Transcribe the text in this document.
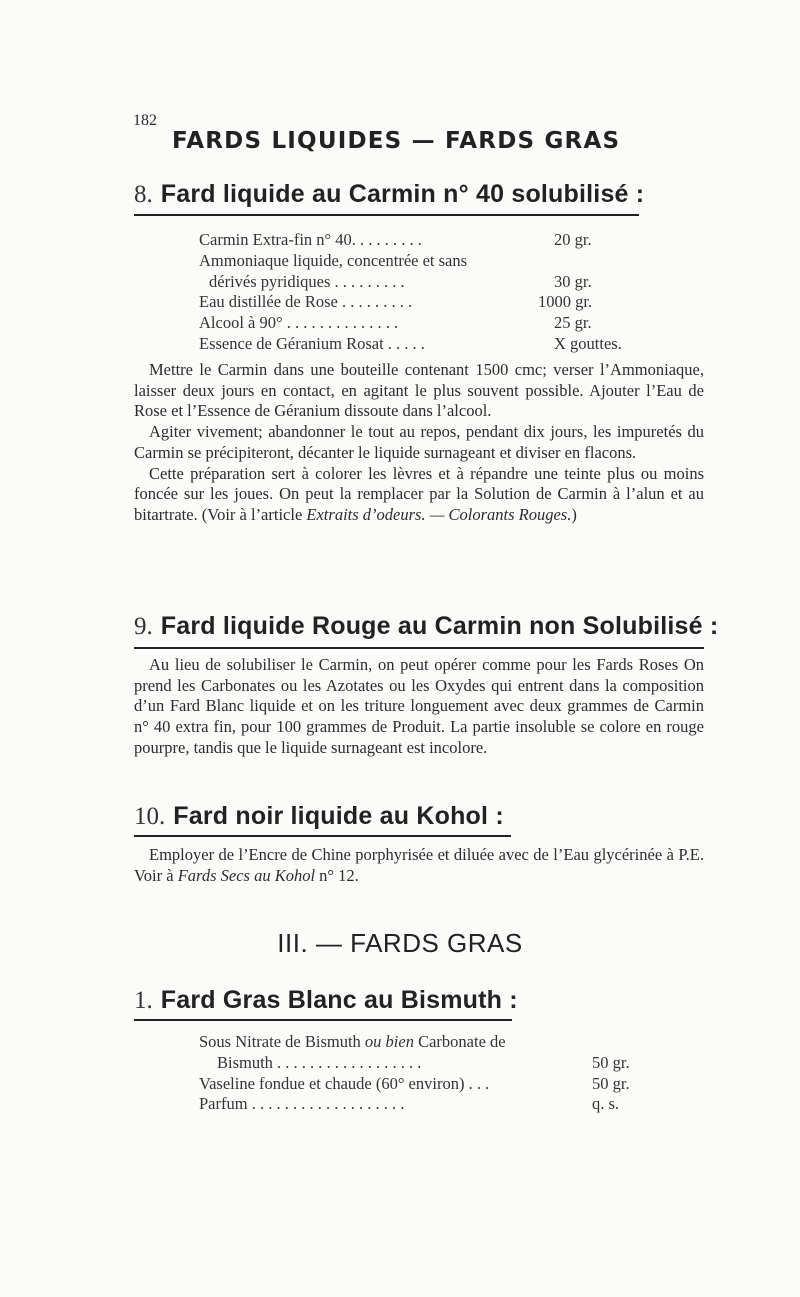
182
FARDS LIQUIDES — FARDS GRAS
8. Fard liquide au Carmin n° 40 solubilisé :
Carmin Extra-fin n° 40. . . . . . . . .	20 gr.
Ammoniaque liquide, concentrée et sans
dérivés pyridiques . . . . . . . . .	30 gr.
Eau distillée de Rose . . . . . . . . .	1000 gr.
Alcool à 90° . . . . . . . . . . . . . .	25 gr.
Essence de Géranium Rosat . . . . .	X gouttes.

Mettre le Carmin dans une bouteille contenant 1500 cmc; verser l’Ammoniaque, laisser deux jours en contact, en agitant le plus souvent possible. Ajouter l’Eau de Rose et l’Essence de Géranium dissoute dans l’alcool.

Agiter vivement; abandonner le tout au repos, pendant dix jours, les impuretés du Carmin se précipiteront, décanter le liquide surnageant et diviser en flacons.

Cette préparation sert à colorer les lèvres et à répandre une teinte plus ou moins foncée sur les joues. On peut la remplacer par la Solution de Carmin à l’alun et au bitartrate. (Voir à l’article Extraits d’odeurs. — Colorants Rouges.)

9. Fard liquide Rouge au Carmin non Solubilisé :

Au lieu de solubiliser le Carmin, on peut opérer comme pour les Fards Roses On prend les Carbonates ou les Azotates ou les Oxydes qui entrent dans la composition d’un Fard Blanc liquide et on les triture longuement avec deux grammes de Carmin n° 40 extra fin, pour 100 grammes de Produit. La partie insoluble se colore en rouge pourpre, tandis que le liquide surnageant est incolore.

10. Fard noir liquide au Kohol :

Employer de l’Encre de Chine porphyrisée et diluée avec de l’Eau glycérinée à P.E. Voir à Fards Secs au Kohol n° 12.

III. — FARDS GRAS
1. Fard Gras Blanc au Bismuth :
Sous Nitrate de Bismuth ou bien Carbonate de
Bismuth . . . . . . . . . . . . . . . . . .	50 gr.
Vaseline fondue et chaude (60° environ) . . .	50 gr.
Parfum . . . . . . . . . . . . . . . . . . .	q. s.
